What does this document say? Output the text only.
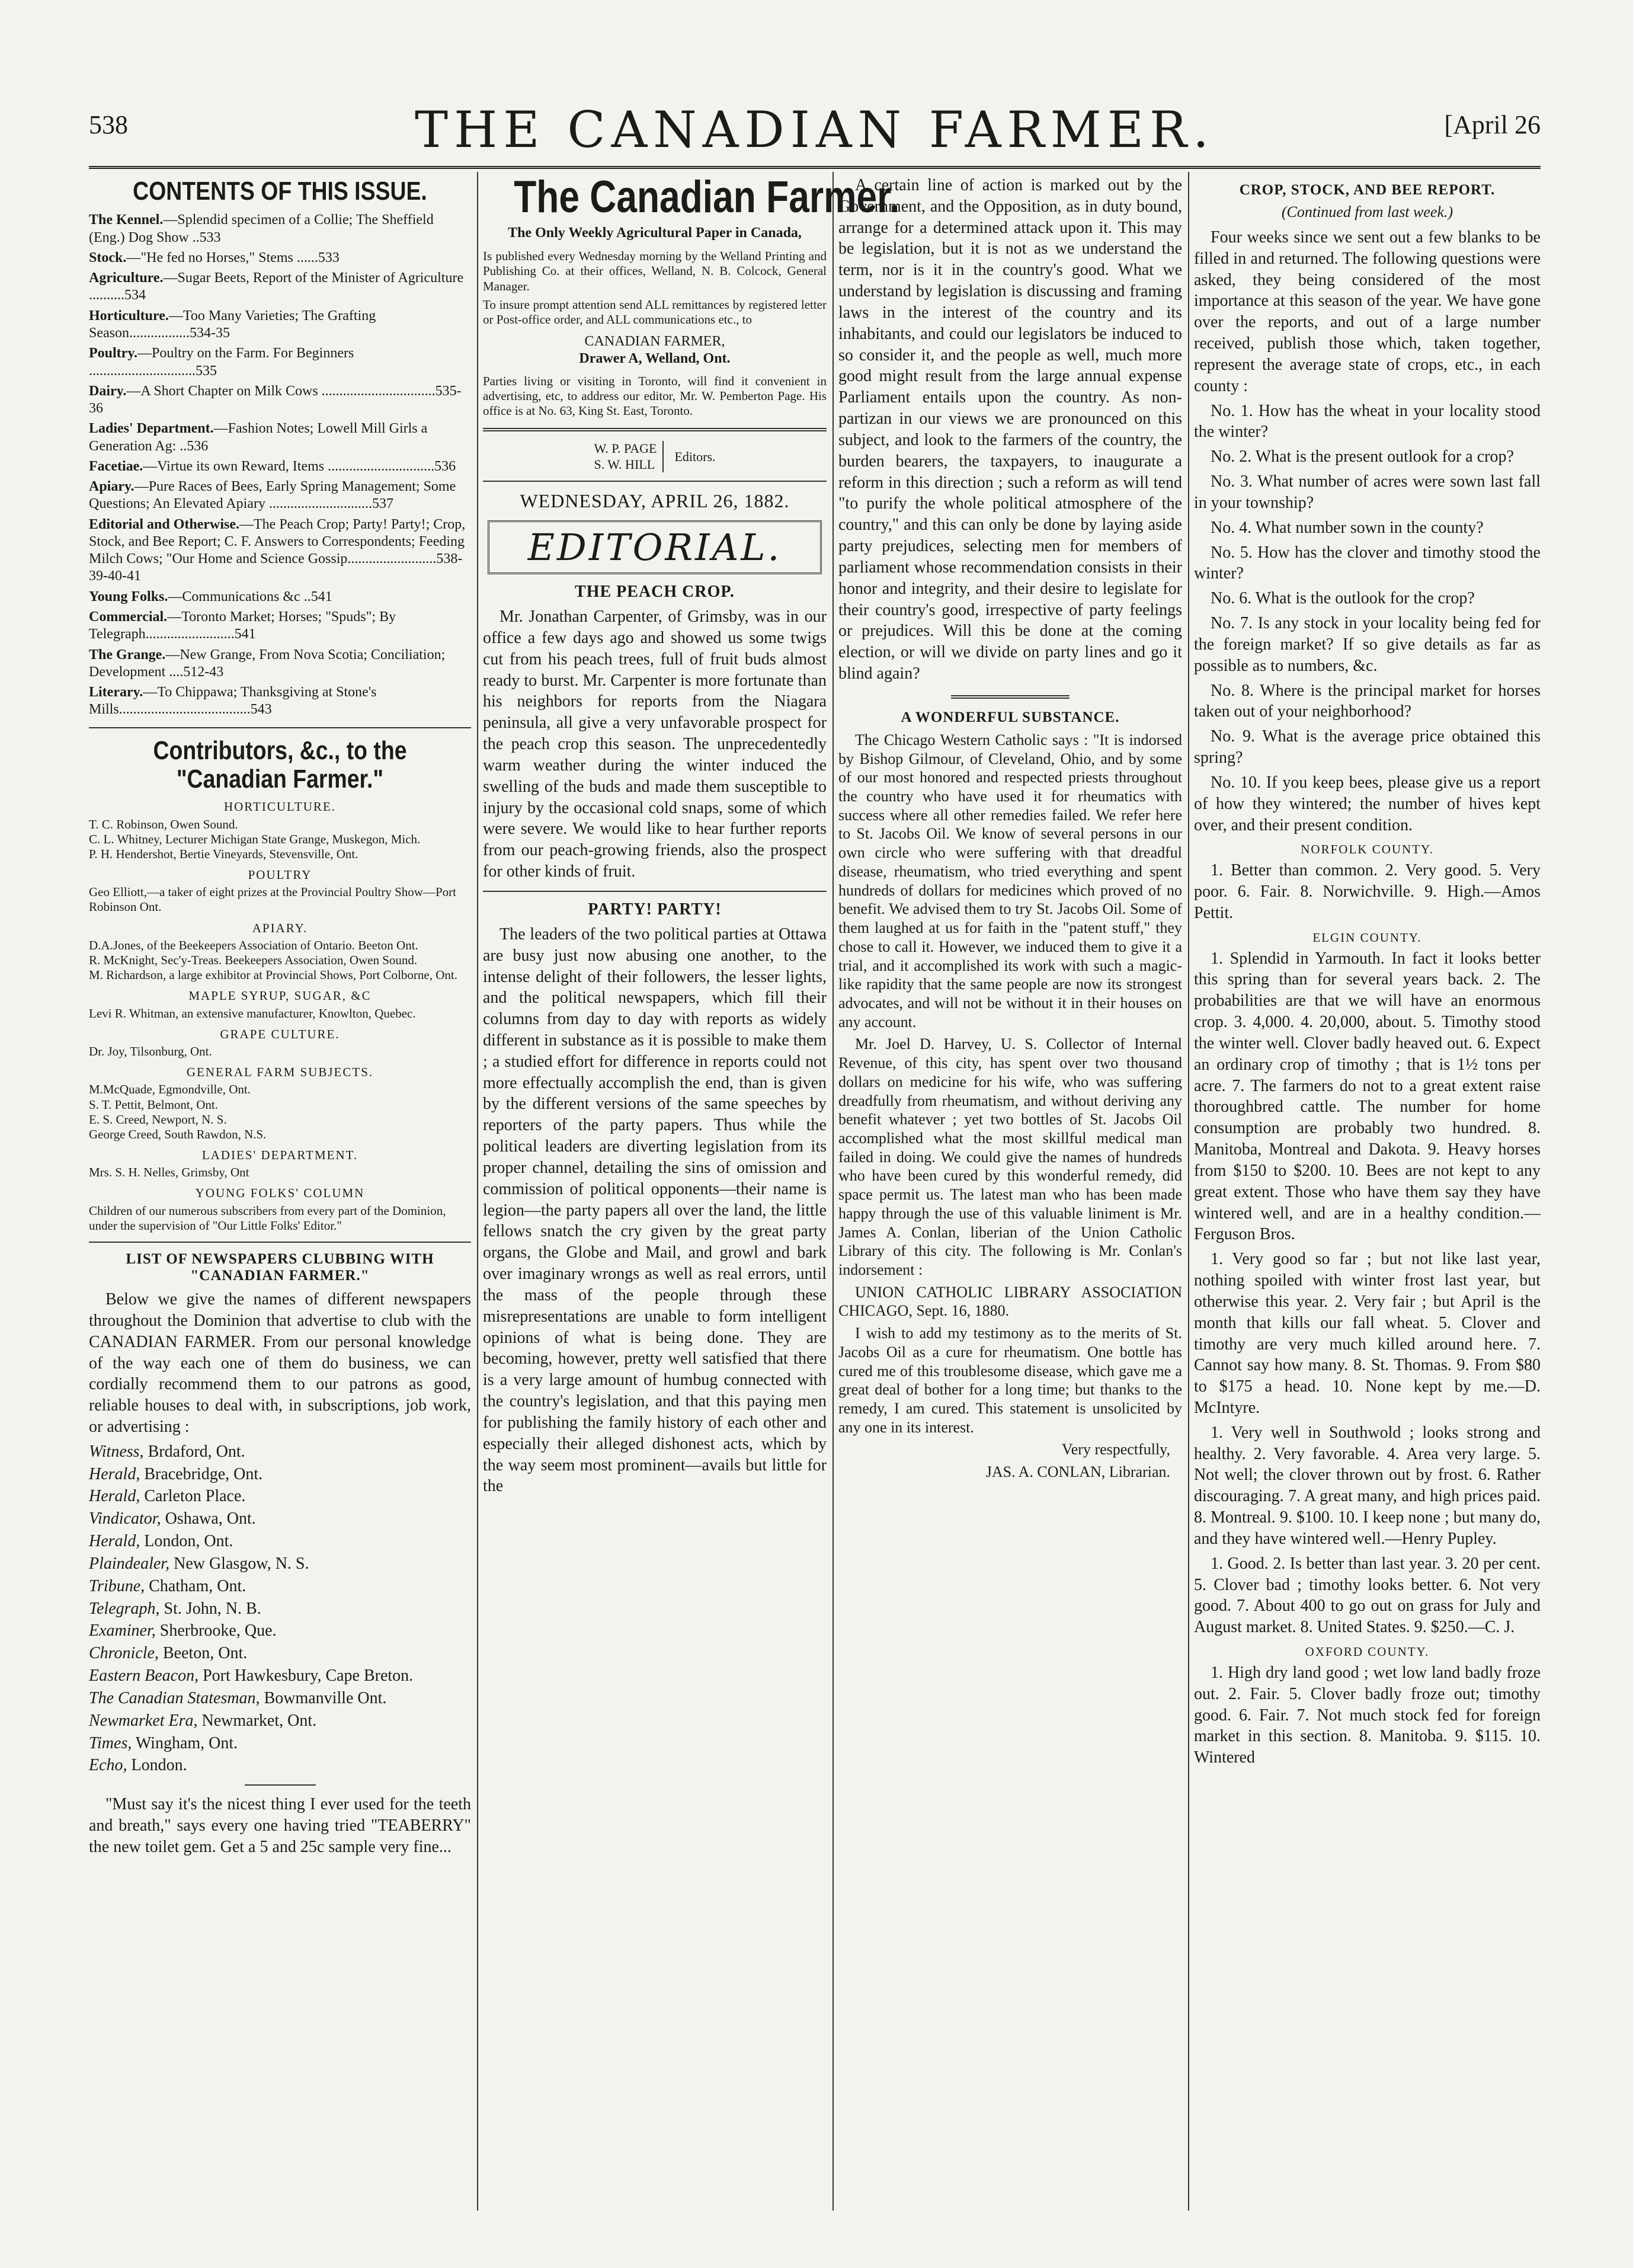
538	THE CANADIAN FARMER.	[April 26
CONTENTS OF THIS ISSUE.
The Kennel.—Splendid specimen of a Collie; The Sheffield (Eng.) Dog Show ..533
Stock.—"He fed no Horses," Stems ......533
Agriculture.—Sugar Beets, Report of the Minister of Agriculture ..........534
Horticulture.—Too Many Varieties; The Grafting Season.................534-35
Poultry.—Poultry on the Farm. For Beginners ..............................535
Dairy.—A Short Chapter on Milk Cows ................................535-36
Ladies' Department.—Fashion Notes; Lowell Mill Girls a Generation Ag: ..536
Facetiae.—Virtue its own Reward, Items ..............................536
Apiary.—Pure Races of Bees, Early Spring Management; Some Questions; An Elevated Apiary .............................537
Editorial and Otherwise.—The Peach Crop; Party! Party!; Crop, Stock, and Bee Report; C. F. Answers to Correspondents; Feeding Milch Cows; "Our Home and Science Gossip.........................538-39-40-41
Young Folks.—Communications &c ..541
Commercial.—Toronto Market; Horses; "Spuds"; By Telegraph.........................541
The Grange.—New Grange, From Nova Scotia; Conciliation; Development ....512-43
Literary.—To Chippawa; Thanksgiving at Stone's Mills.....................................543
Contributors, &c., to the "Canadian Farmer."
HORTICULTURE.
T. C. Robinson, Owen Sound.
C. L. Whitney, Lecturer Michigan State Grange, Muskegon, Mich.
P. H. Hendershot, Bertie Vineyards, Stevensville, Ont.
POULTRY
Geo Elliott,—a taker of eight prizes at the Provincial Poultry Show—Port Robinson Ont.
APIARY.
D.A.Jones, of the Beekeepers Association of Ontario. Beeton Ont.
R. McKnight, Sec'y-Treas. Beekeepers Association, Owen Sound.
M. Richardson, a large exhibitor at Provincial Shows, Port Colborne, Ont.
MAPLE SYRUP, SUGAR, &C
Levi R. Whitman, an extensive manufacturer, Knowlton, Quebec.
GRAPE CULTURE.
Dr. Joy, Tilsonburg, Ont.
GENERAL FARM SUBJECTS.
M.McQuade, Egmondville, Ont.
S. T. Pettit, Belmont, Ont.
E. S. Creed, Newport, N. S.
George Creed, South Rawdon, N.S.
LADIES' DEPARTMENT.
Mrs. S. H. Nelles, Grimsby, Ont
YOUNG FOLKS' COLUMN
Children of our numerous subscribers from every part of the Dominion, under the supervision of "Our Little Folks' Editor."
LIST OF NEWSPAPERS CLUBBING WITH "CANADIAN FARMER."

Below we give the names of different newspapers throughout the Dominion that advertise to club with the CANADIAN FARMER. From our personal knowledge of the way each one of them do business, we can cordially recommend them to our patrons as good, reliable houses to deal with, in subscriptions, job work, or advertising :

Witness, Brdaford, Ont.
Herald, Bracebridge, Ont.
Herald, Carleton Place.
Vindicator, Oshawa, Ont.
Herald, London, Ont.
Plaindealer, New Glasgow, N. S.
Tribune, Chatham, Ont.
Telegraph, St. John, N. B.
Examiner, Sherbrooke, Que.
Chronicle, Beeton, Ont.
Eastern Beacon, Port Hawkesbury, Cape Breton.
The Canadian Statesman, Bowmanville Ont.
Newmarket Era, Newmarket, Ont.
Times, Wingham, Ont.
Echo, London.

"Must say it's the nicest thing I ever used for the teeth and breath," says every one having tried "TEABERRY" the new toilet gem. Get a 5 and 25c sample very fine...

The Canadian Farmer.
The Only Weekly Agricultural Paper in Canada,
Is published every Wednesday morning by the Welland Printing and Publishing Co. at their offices, Welland, N. B. Colcock, General Manager.
To insure prompt attention send ALL remittances by registered letter or Post-office order, and ALL communications etc., to
CANADIAN FARMER,
Drawer A, Welland, Ont.
Parties living or visiting in Toronto, will find it convenient in advertising, etc, to address our editor, Mr. W. Pemberton Page. His office is at No. 63, King St. East, Toronto.
W. P. PAGE
S. W. HILL
Editors.
WEDNESDAY, APRIL 26, 1882.
EDITORIAL.
THE PEACH CROP.

Mr. Jonathan Carpenter, of Grimsby, was in our office a few days ago and showed us some twigs cut from his peach trees, full of fruit buds almost ready to burst. Mr. Carpenter is more fortunate than his neighbors for reports from the Niagara peninsula, all give a very unfavorable prospect for the peach crop this season. The unprecedentedly warm weather during the winter induced the swelling of the buds and made them susceptible to injury by the occasional cold snaps, some of which were severe. We would like to hear further reports from our peach-growing friends, also the prospect for other kinds of fruit.

PARTY! PARTY!

The leaders of the two political parties at Ottawa are busy just now abusing one another, to the intense delight of their followers, the lesser lights, and the political newspapers, which fill their columns from day to day with reports as widely different in substance as it is possible to make them ; a studied effort for difference in reports could not more effectually accomplish the end, than is given by the different versions of the same speeches by reporters of the party papers. Thus while the political leaders are diverting legislation from its proper channel, detailing the sins of omission and commission of political opponents—their name is legion—the party papers all over the land, the little fellows snatch the cry given by the great party organs, the Globe and Mail, and growl and bark over imaginary wrongs as well as real errors, until the mass of the people through these misrepresentations are unable to form intelligent opinions of what is being done. They are becoming, however, pretty well satisfied that there is a very large amount of humbug connected with the country's legislation, and that this paying men for publishing the family history of each other and especially their alleged dishonest acts, which by the way seem most prominent—avails but little for the

A certain line of action is marked out by the Government, and the Opposition, as in duty bound, arrange for a determined attack upon it. This may be legislation, but it is not as we understand the term, nor is it in the country's good. What we understand by legislation is discussing and framing laws in the interest of the country and its inhabitants, and could our legislators be induced to so consider it, and the people as well, much more good might result from the large annual expense Parliament entails upon the country. As non-partizan in our views we are pronounced on this subject, and look to the farmers of the country, the burden bearers, the taxpayers, to inaugurate a reform in this direction ; such a reform as will tend "to purify the whole political atmosphere of the country," and this can only be done by laying aside party prejudices, selecting men for members of parliament whose recommendation consists in their honor and integrity, and their desire to legislate for their country's good, irrespective of party feelings or prejudices. Will this be done at the coming election, or will we divide on party lines and go it blind again?

A WONDERFUL SUBSTANCE.

The Chicago Western Catholic says : "It is indorsed by Bishop Gilmour, of Cleveland, Ohio, and by some of our most honored and respected priests throughout the country who have used it for rheumatics with success where all other remedies failed. We refer here to St. Jacobs Oil. We know of several persons in our own circle who were suffering with that dreadful disease, rheumatism, who tried everything and spent hundreds of dollars for medicines which proved of no benefit. We advised them to try St. Jacobs Oil. Some of them laughed at us for faith in the "patent stuff," they chose to call it. However, we induced them to give it a trial, and it accomplished its work with such a magic-like rapidity that the same people are now its strongest advocates, and will not be without it in their houses on any account.

Mr. Joel D. Harvey, U. S. Collector of Internal Revenue, of this city, has spent over two thousand dollars on medicine for his wife, who was suffering dreadfully from rheumatism, and without deriving any benefit whatever ; yet two bottles of St. Jacobs Oil accomplished what the most skillful medical man failed in doing. We could give the names of hundreds who have been cured by this wonderful remedy, did space permit us. The latest man who has been made happy through the use of this valuable liniment is Mr. James A. Conlan, liberian of the Union Catholic Library of this city. The following is Mr. Conlan's indorsement :

UNION CATHOLIC LIBRARY ASSOCIATION CHICAGO, Sept. 16, 1880.

I wish to add my testimony as to the merits of St. Jacobs Oil as a cure for rheumatism. One bottle has cured me of this troublesome disease, which gave me a great deal of bother for a long time; but thanks to the remedy, I am cured. This statement is unsolicited by any one in its interest.

Very respectfully,
JAS. A. CONLAN, Librarian.
CROP, STOCK, AND BEE REPORT.
(Continued from last week.)

Four weeks since we sent out a few blanks to be filled in and returned. The following questions were asked, they being considered of the most importance at this season of the year. We have gone over the reports, and out of a large number received, publish those which, taken together, represent the average state of crops, etc., in each county :

No. 1. How has the wheat in your locality stood the winter?

No. 2. What is the present outlook for a crop?

No. 3. What number of acres were sown last fall in your township?

No. 4. What number sown in the county?

No. 5. How has the clover and timothy stood the winter?

No. 6. What is the outlook for the crop?

No. 7. Is any stock in your locality being fed for the foreign market? If so give details as far as possible as to numbers, &c.

No. 8. Where is the principal market for horses taken out of your neighborhood?

No. 9. What is the average price obtained this spring?

No. 10. If you keep bees, please give us a report of how they wintered; the number of hives kept over, and their present condition.

NORFOLK COUNTY.

1. Better than common. 2. Very good. 5. Very poor. 6. Fair. 8. Norwichville. 9. High.—Amos Pettit.

ELGIN COUNTY.

1. Splendid in Yarmouth. In fact it looks better this spring than for several years back. 2. The probabilities are that we will have an enormous crop. 3. 4,000. 4. 20,000, about. 5. Timothy stood the winter well. Clover badly heaved out. 6. Expect an ordinary crop of timothy ; that is 1½ tons per acre. 7. The farmers do not to a great extent raise thoroughbred cattle. The number for home consumption are probably two hundred. 8. Manitoba, Montreal and Dakota. 9. Heavy horses from $150 to $200. 10. Bees are not kept to any great extent. Those who have them say they have wintered well, and are in a healthy condition.—Ferguson Bros.

1. Very good so far ; but not like last year, nothing spoiled with winter frost last year, but otherwise this year. 2. Very fair ; but April is the month that kills our fall wheat. 5. Clover and timothy are very much killed around here. 7. Cannot say how many. 8. St. Thomas. 9. From $80 to $175 a head. 10. None kept by me.—D. McIntyre.

1. Very well in Southwold ; looks strong and healthy. 2. Very favorable. 4. Area very large. 5. Not well; the clover thrown out by frost. 6. Rather discouraging. 7. A great many, and high prices paid. 8. Montreal. 9. $100. 10. I keep none ; but many do, and they have wintered well.—Henry Pupley.

1. Good. 2. Is better than last year. 3. 20 per cent. 5. Clover bad ; timothy looks better. 6. Not very good. 7. About 400 to go out on grass for July and August market. 8. United States. 9. $250.—C. J.

OXFORD COUNTY.

1. High dry land good ; wet low land badly froze out. 2. Fair. 5. Clover badly froze out; timothy good. 6. Fair. 7. Not much stock fed for foreign market in this section. 8. Manitoba. 9. $115. 10. Wintered
